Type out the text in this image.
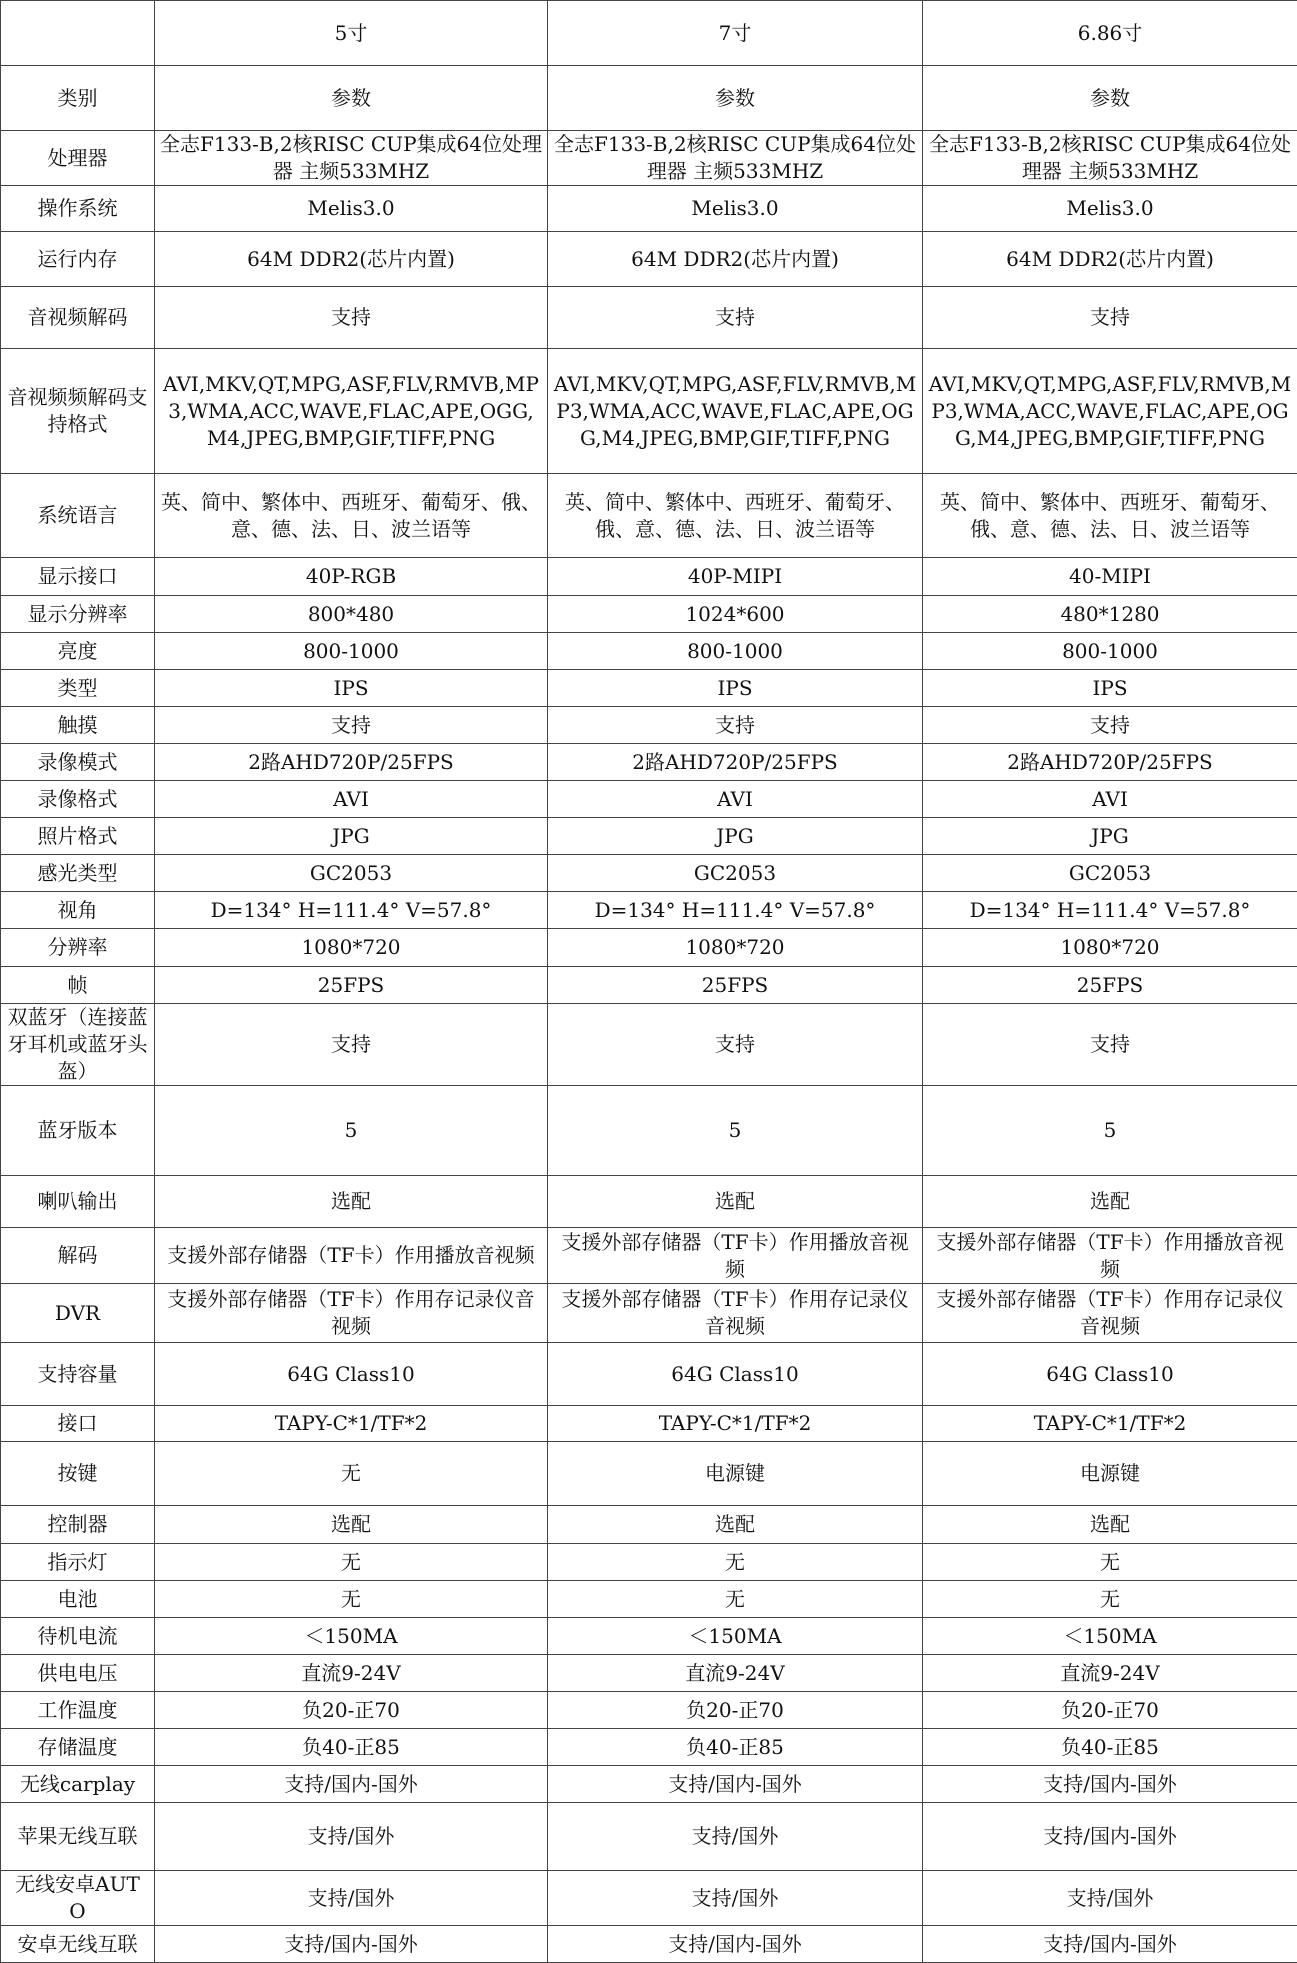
	5寸	7寸	6.86寸
类别	参数	参数	参数
处理器	全志F133-B,2核RISC CUP集成64位处理器 主频533MHZ	全志F133-B,2核RISC CUP集成64位处理器 主频533MHZ	全志F133-B,2核RISC CUP集成64位处理器 主频533MHZ
操作系统	Melis3.0	Melis3.0	Melis3.0
运行内存	64M DDR2(芯片内置)	64M DDR2(芯片内置)	64M DDR2(芯片内置)
音视频解码	支持	支持	支持
音视频频解码支持格式	AVI,MKV,QT,MPG,ASF,FLV,RMVB,MP3,WMA,ACC,WAVE,FLAC,APE,OGG,M4,JPEG,BMP,GIF,TIFF,PNG	AVI,MKV,QT,MPG,ASF,FLV,RMVB,MP3,WMA,ACC,WAVE,FLAC,APE,OGG,M4,JPEG,BMP,GIF,TIFF,PNG	AVI,MKV,QT,MPG,ASF,FLV,RMVB,MP3,WMA,ACC,WAVE,FLAC,APE,OGG,M4,JPEG,BMP,GIF,TIFF,PNG
系统语言	英、简中、繁体中、西班牙、葡萄牙、俄、意、德、法、日、波兰语等	英、简中、繁体中、西班牙、葡萄牙、俄、意、德、法、日、波兰语等	英、简中、繁体中、西班牙、葡萄牙、俄、意、德、法、日、波兰语等
显示接口	40P-RGB	40P-MIPI	40-MIPI
显示分辨率	800*480	1024*600	480*1280
亮度	800-1000	800-1000	800-1000
类型	IPS	IPS	IPS
触摸	支持	支持	支持
录像模式	2路AHD720P/25FPS	2路AHD720P/25FPS	2路AHD720P/25FPS
录像格式	AVI	AVI	AVI
照片格式	JPG	JPG	JPG
感光类型	GC2053	GC2053	GC2053
视角	D=134° H=111.4° V=57.8°	D=134° H=111.4° V=57.8°	D=134° H=111.4° V=57.8°
分辨率	1080*720	1080*720	1080*720
帧	25FPS	25FPS	25FPS
双蓝牙（连接蓝牙耳机或蓝牙头盔）	支持	支持	支持
蓝牙版本	5	5	5
喇叭输出	选配	选配	选配
解码	支援外部存储器（TF卡）作用播放音视频	支援外部存储器（TF卡）作用播放音视频	支援外部存储器（TF卡）作用播放音视频
DVR	支援外部存储器（TF卡）作用存记录仪音视频	支援外部存储器（TF卡）作用存记录仪音视频	支援外部存储器（TF卡）作用存记录仪音视频
支持容量	64G Class10	64G Class10	64G Class10
接口	TAPY-C*1/TF*2	TAPY-C*1/TF*2	TAPY-C*1/TF*2
按键	无	电源键	电源键
控制器	选配	选配	选配
指示灯	无	无	无
电池	无	无	无
待机电流	＜150MA	＜150MA	＜150MA
供电电压	直流9-24V	直流9-24V	直流9-24V
工作温度	负20-正70	负20-正70	负20-正70
存储温度	负40-正85	负40-正85	负40-正85
无线carplay	支持/国内-国外	支持/国内-国外	支持/国内-国外
苹果无线互联	支持/国外	支持/国外	支持/国内-国外
无线安卓AUTO	支持/国外	支持/国外	支持/国外
安卓无线互联	支持/国内-国外	支持/国内-国外	支持/国内-国外
